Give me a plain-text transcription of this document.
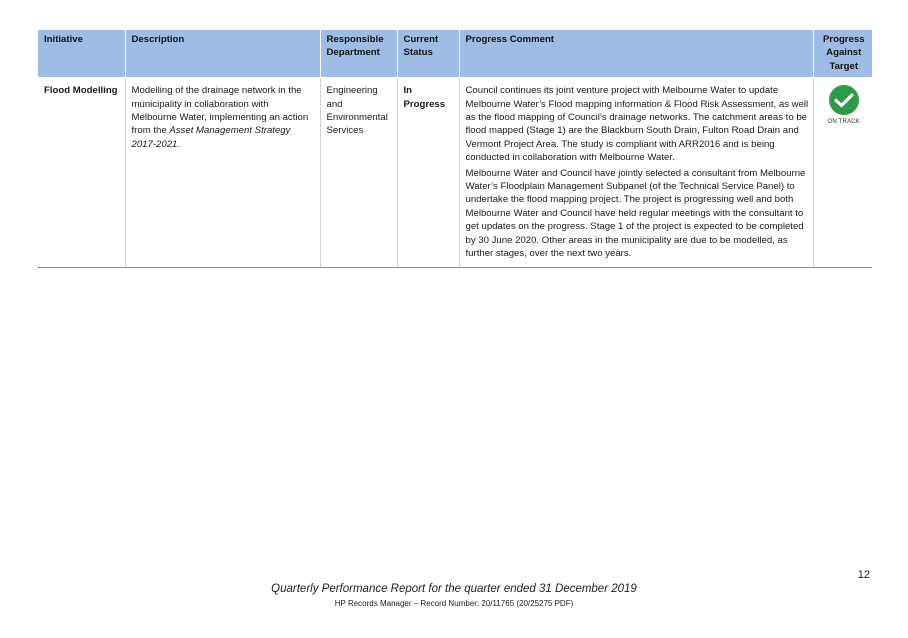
Initiative	Description	Responsible Department	Current Status	Progress Comment	Progress Against Target
Flood Modelling	Modelling of the drainage network in the municipality in collaboration with Melbourne Water, implementing an action from the Asset Management Strategy 2017-2021.	Engineering and Environmental Services	In Progress	Council continues its joint venture project with Melbourne Water to update Melbourne Water’s Flood mapping information & Flood Risk Assessment, as well as the flood mapping of Council’s drainage networks. The catchment areas to be flood mapped (Stage 1) are the Blackburn South Drain, Fulton Road Drain and Vermont Project Area. The study is compliant with ARR2016 and is being conducted in collaboration with Melbourne Water.

Melbourne Water and Council have jointly selected a consultant from Melbourne Water’s Floodplain Management Subpanel (of the Technical Service Panel) to undertake the flood mapping project. The project is progressing well and both Melbourne Water and Council have held regular meetings with the consultant to get updates on the progress. Stage 1 of the project is expected to be completed by 30 June 2020. Other areas in the municipality are due to be modelled, as further stages, over the next two years.	ON TRACK
12
Quarterly Performance Report for the quarter ended 31 December 2019
HP Records Manager – Record Number: 20/11765 (20/25275 PDF)
